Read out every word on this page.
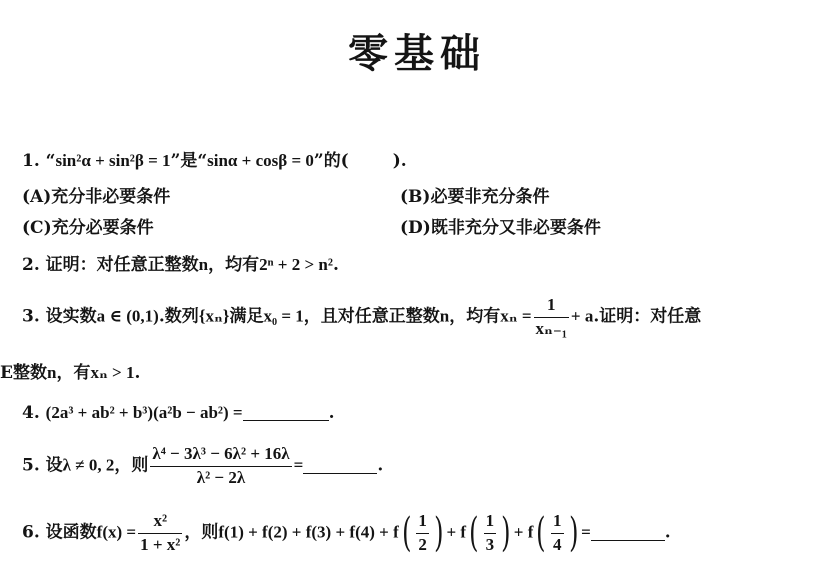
零基础
1. “sin²α + sin²β = 1”是“sinα + cosβ = 0”的(	).
(A)充分非必要条件	(B)必要非充分条件
(C)充分必要条件	(D)既非充分又非必要条件
2. 证明：对任意正整数n，均有2ⁿ + 2 > n².
3. 设实数a ∈ (0,1).数列{xₙ}满足x₀ = 1，且对任意正整数n，均有$x_n = \frac{1}{\text{xₙ₋₁}} + a$.证明：对任意
E整数n，有xₙ > 1.
4. (2a³ + ab² + b³)(a²b − ab²) =	.
5. 设λ ≠ 0, 2，则 $\frac{\text{λ⁴ − 3λ³ − 6λ² + 16λ}}{\text{λ² − 2λ}}$ =	.
6. 设函数$f(x) = \frac{\text{x²}}{\text{1 + x²}}$ ，则$f(1) + f(2) + f(3) + f(4) + f( \frac{1}{2}$ ) + $f( \frac{1}{3}$ ) + $f( \frac{1}{4}$ ) =	.
